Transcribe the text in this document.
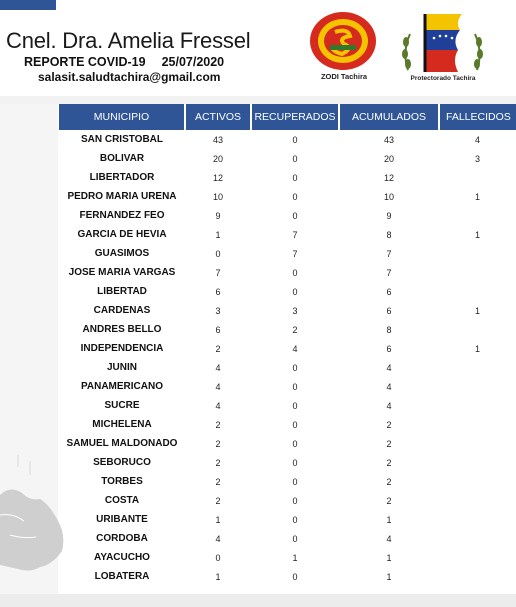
Cnel. Dra. Amelia Fressel
REPORTE COVID-19 25/07/2020
salasit.saludtachira@gmail.com	ZODI Tachira	Protectorado Tachira
MUNICIPIO	ACTIVOS	RECUPERADOS	ACUMULADOS	FALLECIDOS
SAN CRISTOBAL	43	0	43	4
BOLIVAR	20	0	20	3
LIBERTADOR	12	0	12	
PEDRO MARIA URENA	10	0	10	1
FERNANDEZ FEO	9	0	9	
GARCIA DE HEVIA	1	7	8	1
GUASIMOS	0	7	7	
JOSE MARIA VARGAS	7	0	7	
LIBERTAD	6	0	6	
CARDENAS	3	3	6	1
ANDRES BELLO	6	2	8	
INDEPENDENCIA	2	4	6	1
JUNIN	4	0	4	
PANAMERICANO	4	0	4	
SUCRE	4	0	4	
MICHELENA	2	0	2	
SAMUEL MALDONADO	2	0	2	
SEBORUCO	2	0	2	
TORBES	2	0	2	
COSTA	2	0	2	
URIBANTE	1	0	1	
CORDOBA	4	0	4	
AYACUCHO	0	1	1	
LOBATERA	1	0	1	
